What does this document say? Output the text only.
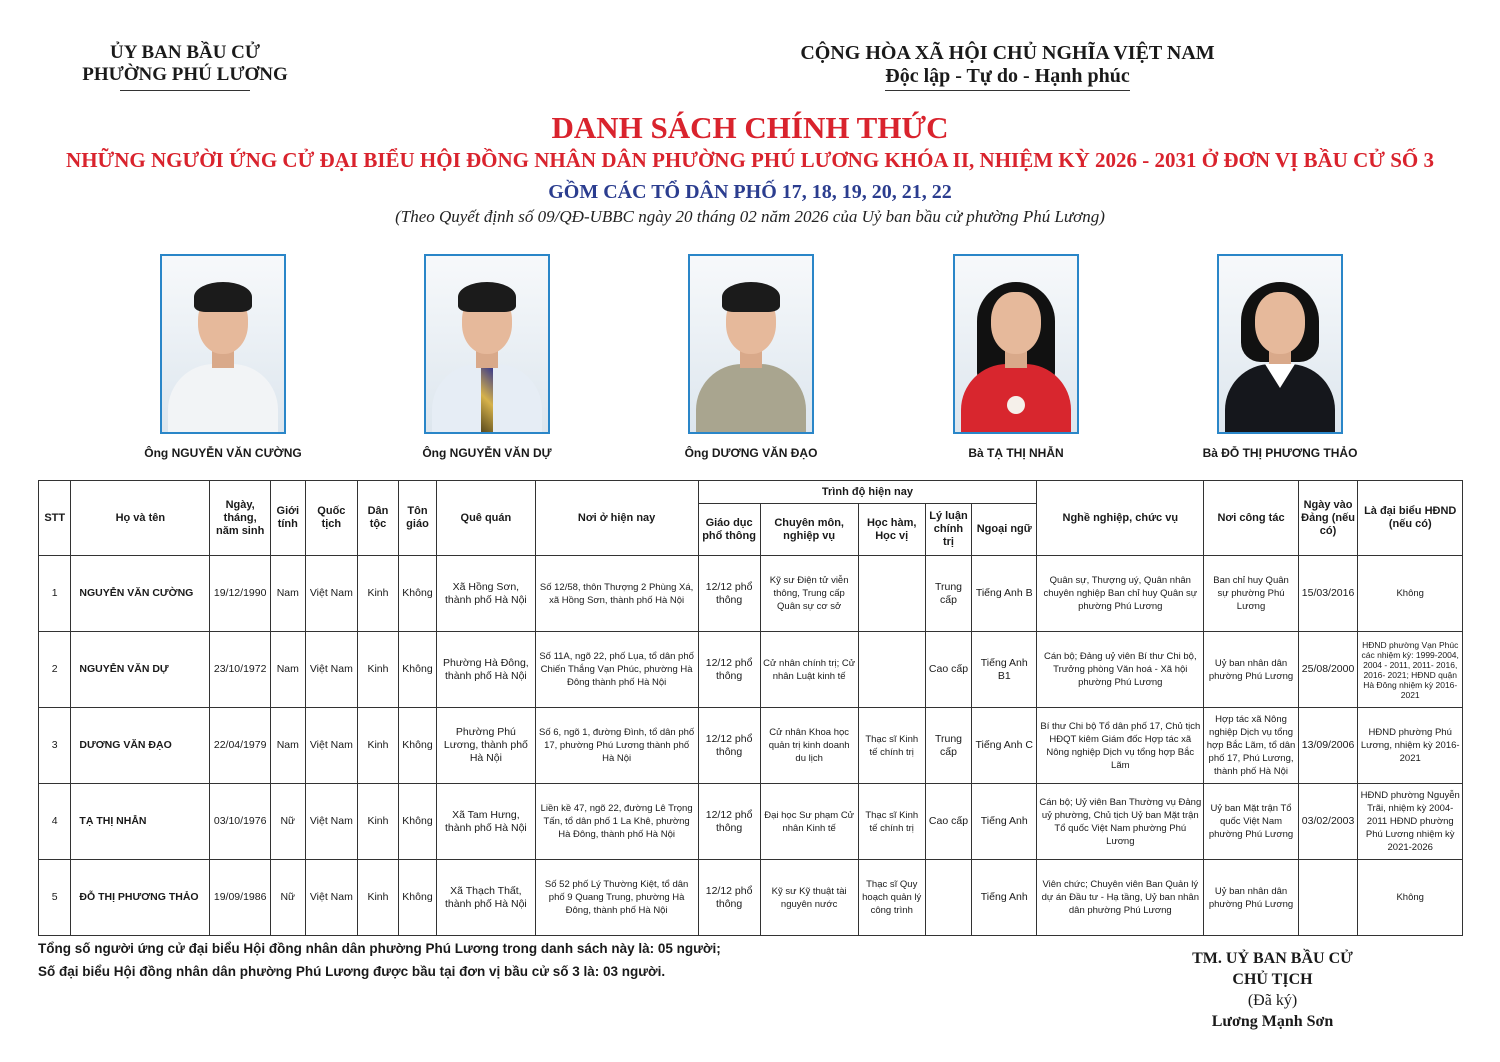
ỦY BAN BẦU CỬ
PHƯỜNG PHÚ LƯƠNG
CỘNG HÒA XÃ HỘI CHỦ NGHĨA VIỆT NAM
Độc lập - Tự do - Hạnh phúc
DANH SÁCH CHÍNH THỨC
NHỮNG NGƯỜI ỨNG CỬ ĐẠI BIỂU HỘI ĐỒNG NHÂN DÂN PHƯỜNG PHÚ LƯƠNG KHÓA II, NHIỆM KỲ 2026 - 2031 Ở ĐƠN VỊ BẦU CỬ SỐ 3
GỒM CÁC TỔ DÂN PHỐ 17, 18, 19, 20, 21, 22
(Theo Quyết định số 09/QĐ-UBBC ngày 20 tháng 02 năm 2026 của Uỷ ban bầu cử phường Phú Lương)
Ông NGUYỄN VĂN CƯỜNG	Ông NGUYỄN VĂN DỰ	Ông DƯƠNG VĂN ĐẠO	Bà TẠ THỊ NHẪN	Bà ĐỖ THỊ PHƯƠNG THẢO
STT	Họ và tên	Ngày, tháng, năm sinh	Giới tính	Quốc tịch	Dân tộc	Tôn giáo	Quê quán	Nơi ở hiện nay	Trình độ hiện nay					Nghề nghiệp, chức vụ	Nơi công tác	Ngày vào Đảng (nếu có)	Là đại biểu HĐND (nếu có)
									Giáo dục phổ thông	Chuyên môn, nghiệp vụ	Học hàm, Học vị	Lý luận chính trị	Ngoại ngữ				
1	NGUYỄN VĂN CƯỜNG	19/12/1990	Nam	Việt Nam	Kinh	Không	Xã Hồng Sơn, thành phố Hà Nội	Số 12/58, thôn Thượng 2 Phùng Xá, xã Hồng Sơn, thành phố Hà Nội	12/12 phổ thông	Kỹ sư Điện tử viễn thông, Trung cấp Quân sự cơ sở		Trung cấp	Tiếng Anh B	Quân sự, Thượng uý, Quân nhân chuyên nghiệp Ban chỉ huy Quân sự phường Phú Lương	Ban chỉ huy Quân sự phường Phú Lương	15/03/2016	Không
2	NGUYỄN VĂN DỰ	23/10/1972	Nam	Việt Nam	Kinh	Không	Phường Hà Đông, thành phố Hà Nội	Số 11A, ngõ 22, phố Lụa, tổ dân phố Chiến Thắng Vạn Phúc, phường Hà Đông thành phố Hà Nội	12/12 phổ thông	Cử nhân chính trị; Cử nhân Luật kinh tế		Cao cấp	Tiếng Anh B1	Cán bộ; Đảng uỷ viên Bí thư Chi bộ, Trưởng phòng Văn hoá - Xã hội phường Phú Lương	Uỷ ban nhân dân phường Phú Lương	25/08/2000	HĐND phường Vạn Phúc các nhiệm kỳ: 1999-2004, 2004 - 2011, 2011- 2016, 2016- 2021; HĐND quận Hà Đông nhiệm kỳ 2016-2021
3	DƯƠNG VĂN ĐẠO	22/04/1979	Nam	Việt Nam	Kinh	Không	Phường Phú Lương, thành phố Hà Nội	Số 6, ngõ 1, đường Đình, tổ dân phố 17, phường Phú Lương thành phố Hà Nội	12/12 phổ thông	Cử nhân Khoa học quản trị kinh doanh du lịch	Thạc sĩ Kinh tế chính trị	Trung cấp	Tiếng Anh C	Bí thư Chi bộ Tổ dân phố 17, Chủ tịch HĐQT kiêm Giám đốc Hợp tác xã Nông nghiệp Dịch vụ tổng hợp Bắc Lãm	Hợp tác xã Nông nghiệp Dịch vụ tổng hợp Bắc Lãm, tổ dân phố 17, Phú Lương, thành phố Hà Nội	13/09/2006	HĐND phường Phú Lương, nhiệm kỳ 2016-2021
4	TẠ THỊ NHẪN	03/10/1976	Nữ	Việt Nam	Kinh	Không	Xã Tam Hưng, thành phố Hà Nội	Liền kề 47, ngõ 22, đường Lê Trọng Tấn, tổ dân phố 1 La Khê, phường Hà Đông, thành phố Hà Nội	12/12 phổ thông	Đại học Sư phạm Cử nhân Kinh tế	Thạc sĩ Kinh tế chính trị	Cao cấp	Tiếng Anh	Cán bộ; Uỷ viên Ban Thường vụ Đảng uỷ phường, Chủ tịch Uỷ ban Mặt trận Tổ quốc Việt Nam phường Phú Lương	Uỷ ban Mặt trận Tổ quốc Việt Nam phường Phú Lương	03/02/2003	HĐND phường Nguyễn Trãi, nhiệm kỳ 2004-2011 HĐND phường Phú Lương nhiệm kỳ 2021-2026
5	ĐỖ THỊ PHƯƠNG THẢO	19/09/1986	Nữ	Việt Nam	Kinh	Không	Xã Thạch Thất, thành phố Hà Nội	Số 52 phố Lý Thường Kiệt, tổ dân phố 9 Quang Trung, phường Hà Đông, thành phố Hà Nội	12/12 phổ thông	Kỹ sư Kỹ thuật tài nguyên nước	Thạc sĩ Quy hoạch quản lý công trình		Tiếng Anh	Viên chức; Chuyên viên Ban Quản lý dự án Đầu tư - Hạ tầng, Uỷ ban nhân dân phường Phú Lương	Uỷ ban nhân dân phường Phú Lương		Không
Tổng số người ứng cử đại biểu Hội đồng nhân dân phường Phú Lương trong danh sách này là: 05 người;
Số đại biểu Hội đồng nhân dân phường Phú Lương được bầu tại đơn vị bầu cử số 3 là: 03 người.
TM. UỶ BAN BẦU CỬ
CHỦ TỊCH
(Đã ký)
Lương Mạnh Sơn
